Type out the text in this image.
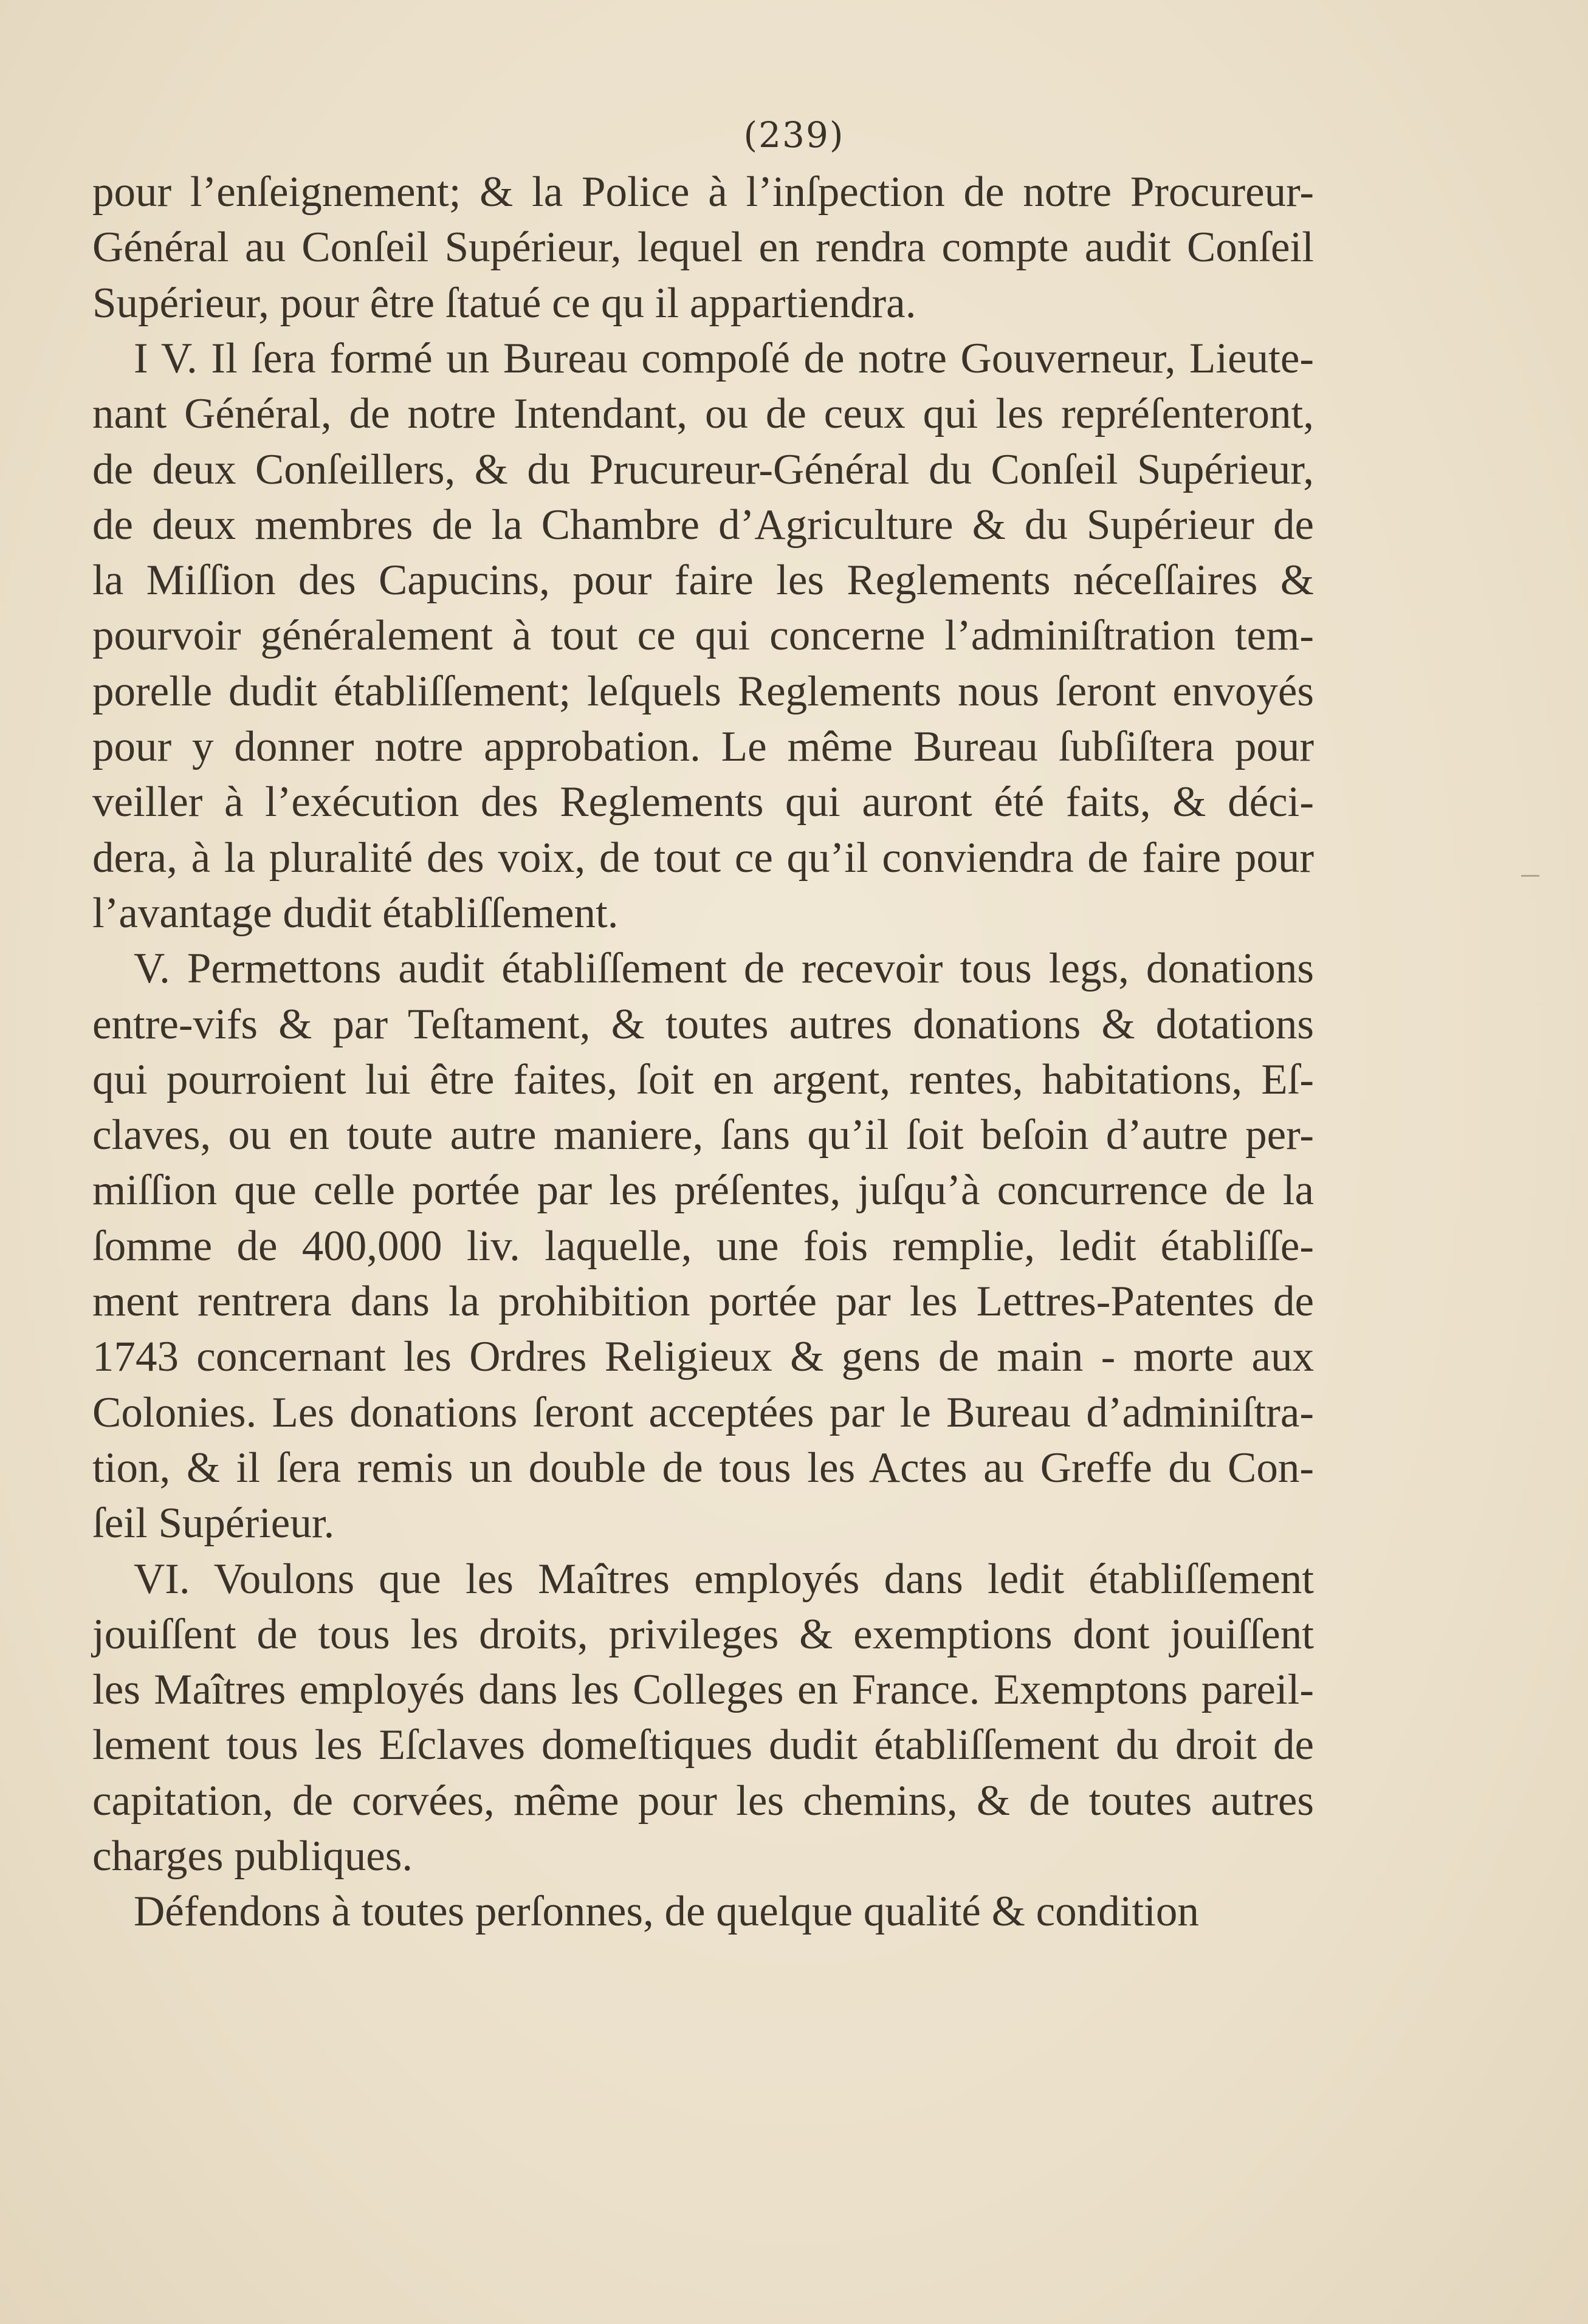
(239)
pour l’enſeignement; & la Police à l’inſpection de notre Procureur-
Général au Conſeil Supérieur, lequel en rendra compte audit Conſeil
Supérieur, pour être ſtatué ce qu il appartiendra.
I V. Il ſera formé un Bureau compoſé de notre Gouverneur, Lieute-
nant Général, de notre Intendant, ou de ceux qui les repréſenteront,
de deux Conſeillers, & du Prucureur-Général du Conſeil Supérieur,
de deux membres de la Chambre d’Agriculture & du Supérieur de
la Miſſion des Capucins, pour faire les Reglements néceſſaires &
pourvoir généralement à tout ce qui concerne l’adminiſtration tem-
porelle dudit établiſſement; leſquels Reglements nous ſeront envoyés
pour y donner notre approbation. Le même Bureau ſubſiſtera pour
veiller à l’exécution des Reglements qui auront été faits, & déci-
dera, à la pluralité des voix, de tout ce qu’il conviendra de faire pour
l’avantage dudit établiſſement.
V. Permettons audit établiſſement de recevoir tous legs, donations
entre-vifs & par Teſtament, & toutes autres donations & dotations
qui pourroient lui être faites, ſoit en argent, rentes, habitations, Eſ-
claves, ou en toute autre maniere, ſans qu’il ſoit beſoin d’autre per-
miſſion que celle portée par les préſentes, juſqu’à concurrence de la
ſomme de 400,000 liv. laquelle, une fois remplie, ledit établiſſe-
ment rentrera dans la prohibition portée par les Lettres-Patentes de
1743 concernant les Ordres Religieux & gens de main - morte aux
Colonies. Les donations ſeront acceptées par le Bureau d’adminiſtra-
tion, & il ſera remis un double de tous les Actes au Greffe du Con-
ſeil Supérieur.
VI. Voulons que les Maîtres employés dans ledit établiſſement
jouiſſent de tous les droits, privileges & exemptions dont jouiſſent
les Maîtres employés dans les Colleges en France. Exemptons pareil-
lement tous les Eſclaves domeſtiques dudit établiſſement du droit de
capitation, de corvées, même pour les chemins, & de toutes autres
charges publiques.
Défendons à toutes perſonnes, de quelque qualité & condition
